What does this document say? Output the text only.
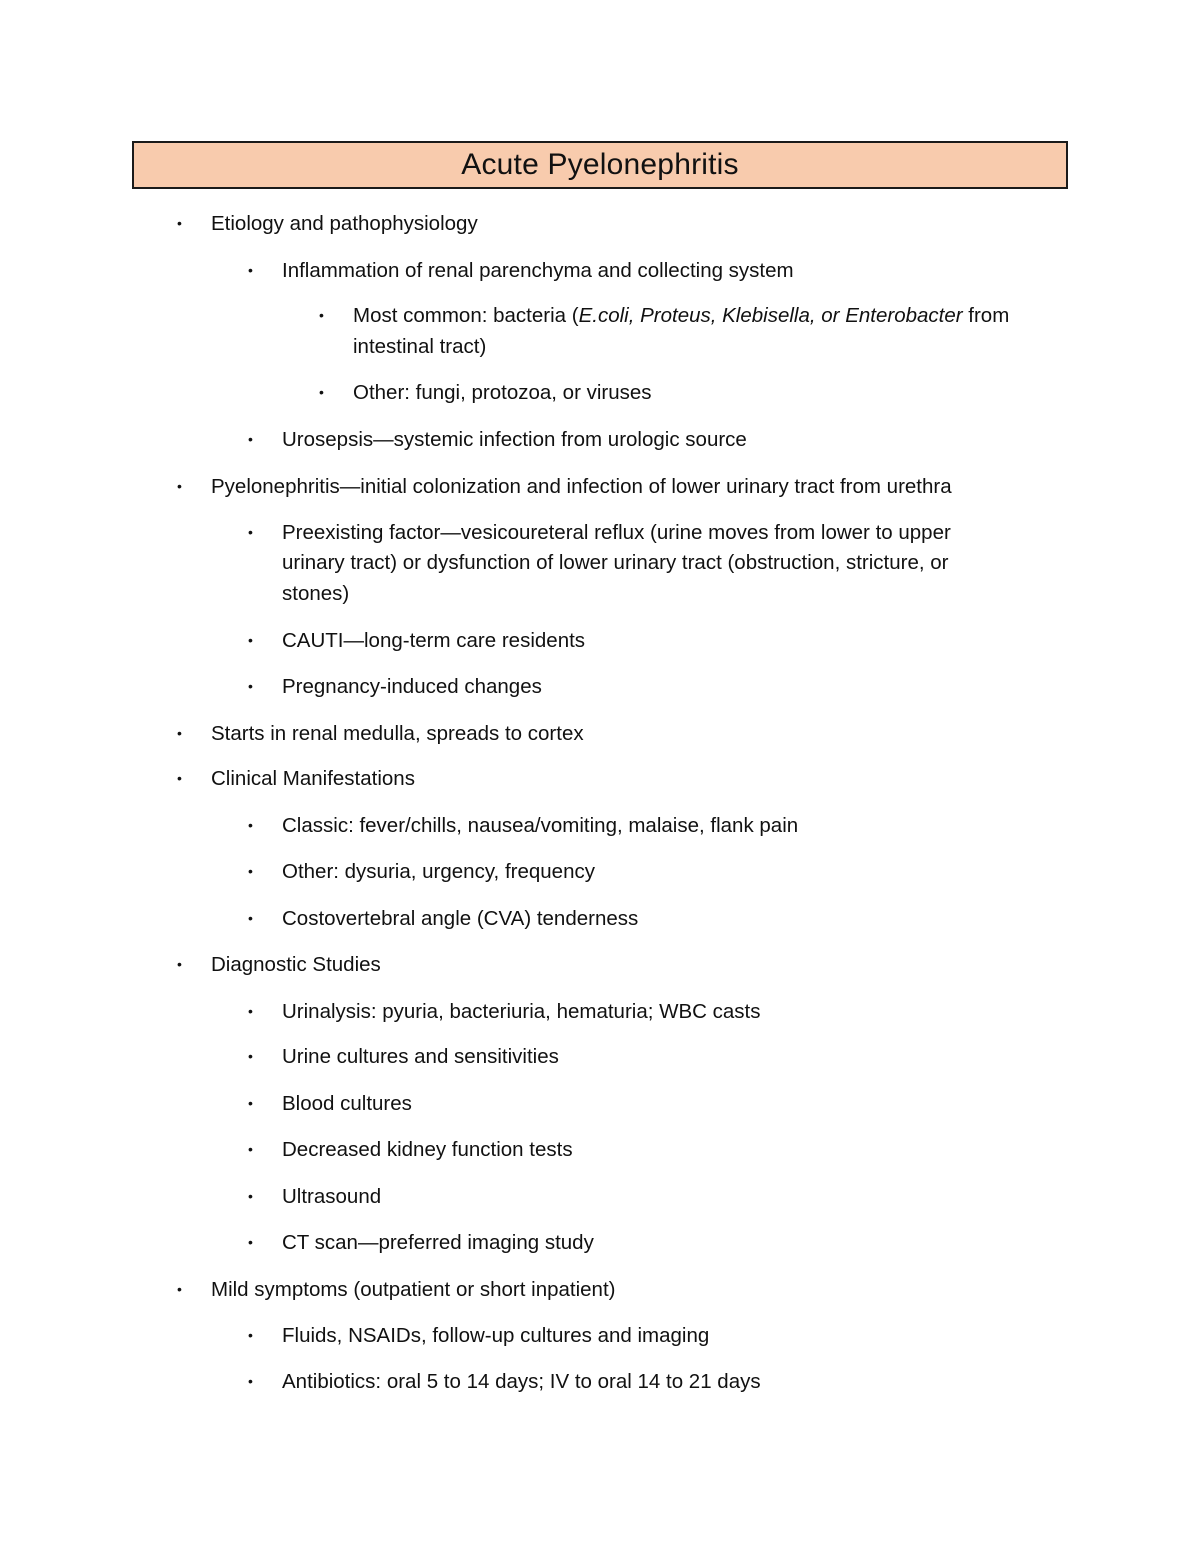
Acute Pyelonephritis
• Etiology and pathophysiology
• Inflammation of renal parenchyma and collecting system
• Most common: bacteria (E.coli, Proteus, Klebisella, or Enterobacter from
intestinal tract)
• Other: fungi, protozoa, or viruses
• Urosepsis—systemic infection from urologic source
• Pyelonephritis—initial colonization and infection of lower urinary tract from urethra
• Preexisting factor—vesicoureteral reflux (urine moves from lower to upper
urinary tract) or dysfunction of lower urinary tract (obstruction, stricture, or
stones)
• CAUTI—long-term care residents
• Pregnancy-induced changes
• Starts in renal medulla, spreads to cortex
• Clinical Manifestations
• Classic: fever/chills, nausea/vomiting, malaise, flank pain
• Other: dysuria, urgency, frequency
• Costovertebral angle (CVA) tenderness
• Diagnostic Studies
• Urinalysis: pyuria, bacteriuria, hematuria; WBC casts
• Urine cultures and sensitivities
• Blood cultures
• Decreased kidney function tests
• Ultrasound
• CT scan—preferred imaging study
• Mild symptoms (outpatient or short inpatient)
• Fluids, NSAIDs, follow-up cultures and imaging
• Antibiotics: oral 5 to 14 days; IV to oral 14 to 21 days
